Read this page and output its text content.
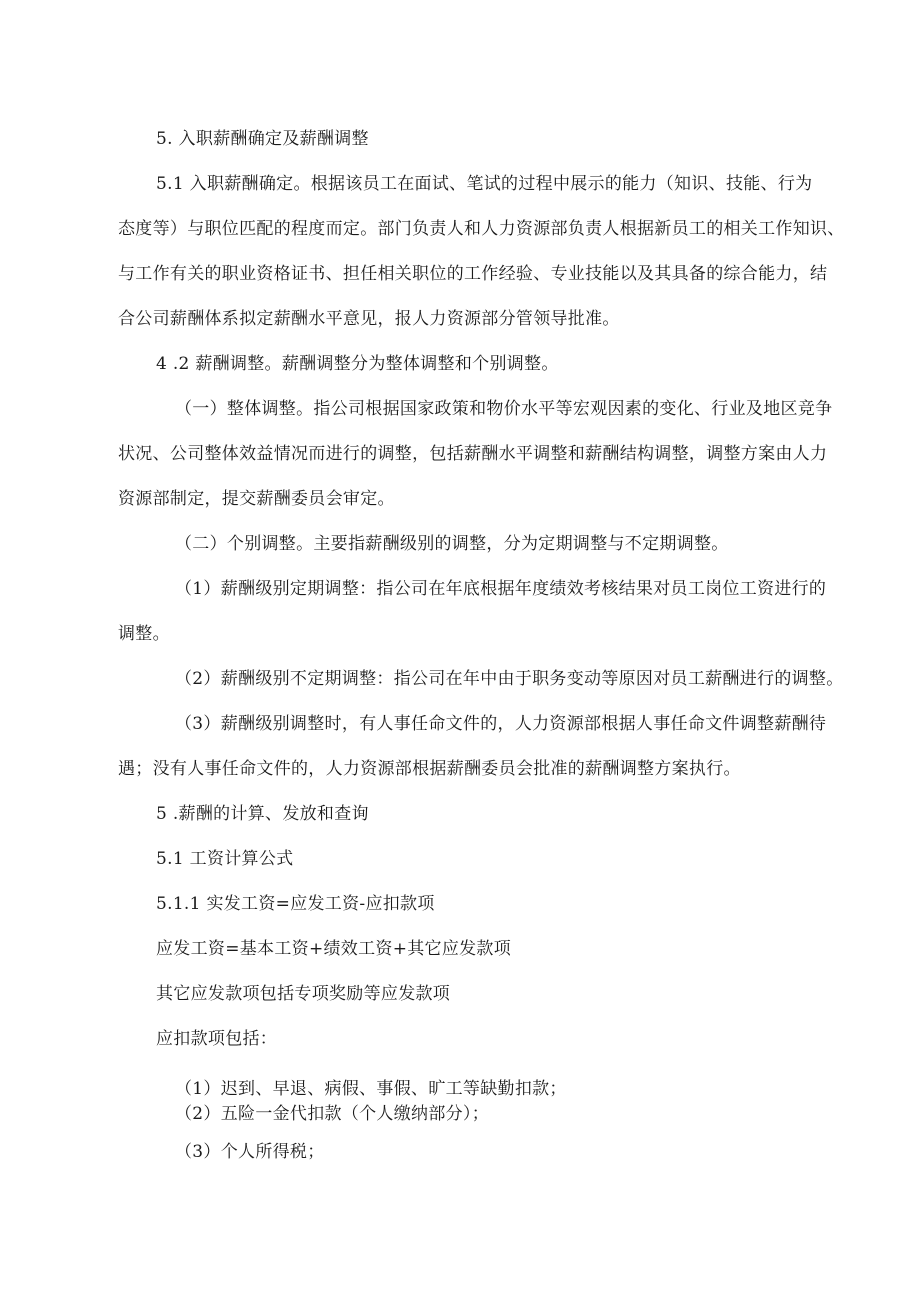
5. 入职薪酬确定及薪酬调整
5.1 入职薪酬确定。根据该员工在面试、笔试的过程中展示的能力（知识、技能、行为
态度等）与职位匹配的程度而定。部门负责人和人力资源部负责人根据新员工的相关工作知识、
与工作有关的职业资格证书、担任相关职位的工作经验、专业技能以及其具备的综合能力，结
合公司薪酬体系拟定薪酬水平意见，报人力资源部分管领导批准。
4 .2 薪酬调整。薪酬调整分为整体调整和个别调整。
（一）整体调整。指公司根据国家政策和物价水平等宏观因素的变化、行业及地区竞争
状况、公司整体效益情况而进行的调整，包括薪酬水平调整和薪酬结构调整，调整方案由人力
资源部制定，提交薪酬委员会审定。
（二）个别调整。主要指薪酬级别的调整，分为定期调整与不定期调整。
（1）薪酬级别定期调整：指公司在年底根据年度绩效考核结果对员工岗位工资进行的
调整。
（2）薪酬级别不定期调整：指公司在年中由于职务变动等原因对员工薪酬进行的调整。
（3）薪酬级别调整时，有人事任命文件的，人力资源部根据人事任命文件调整薪酬待
遇；没有人事任命文件的，人力资源部根据薪酬委员会批准的薪酬调整方案执行。
5 .薪酬的计算、发放和查询
5.1 工资计算公式
5.1.1 实发工资=应发工资-应扣款项
应发工资=基本工资+绩效工资+其它应发款项
其它应发款项包括专项奖励等应发款项
应扣款项包括：
（1）迟到、早退、病假、事假、旷工等缺勤扣款；
（2）五险一金代扣款（个人缴纳部分）；
（3）个人所得税；
